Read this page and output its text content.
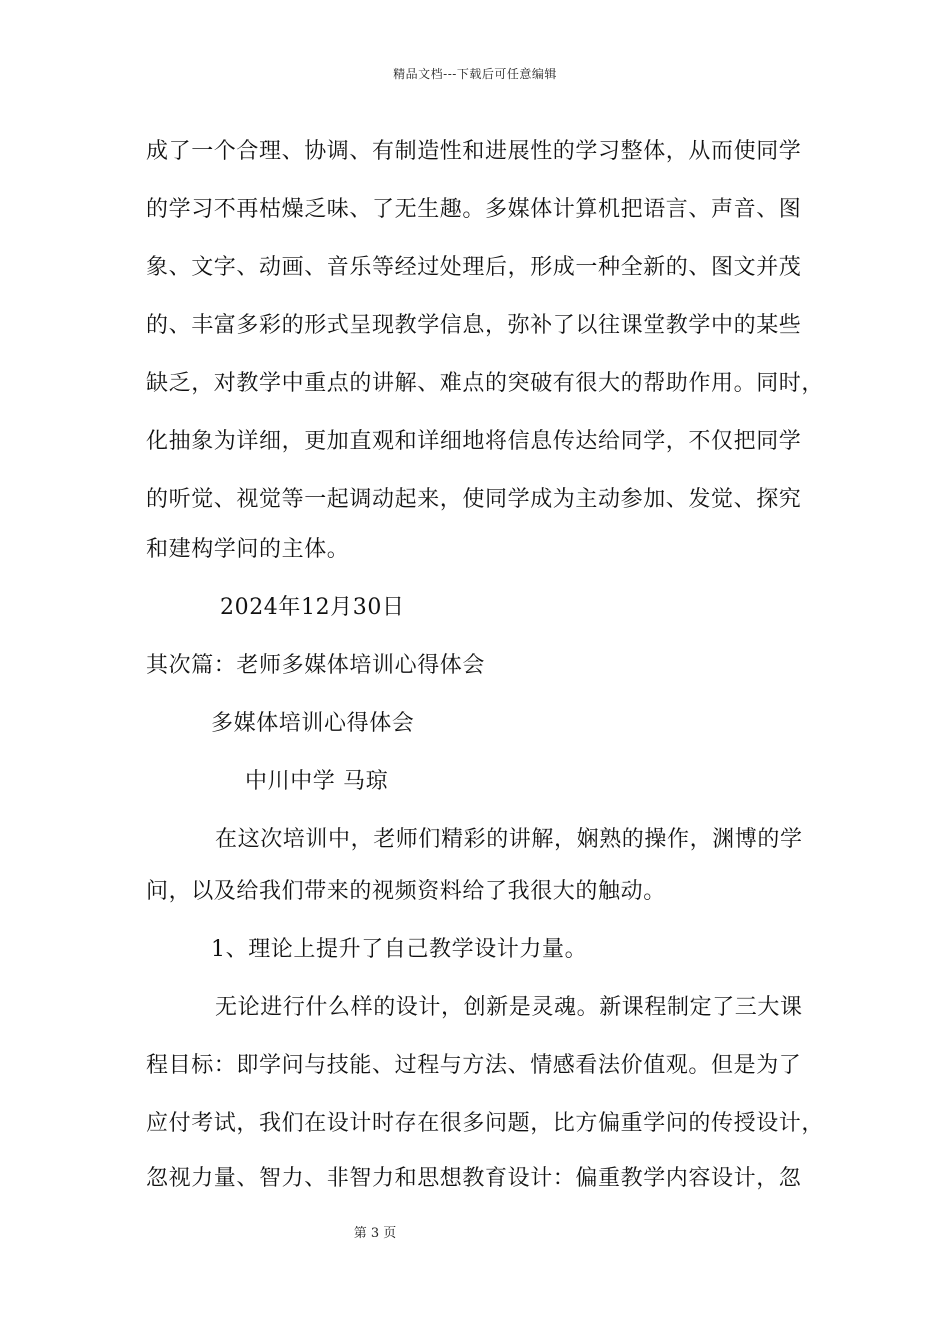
精品文档---下载后可任意编辑
成了一个合理、协调、有制造性和进展性的学习整体，从而使同学
的学习不再枯燥乏味、了无生趣。多媒体计算机把语言、声音、图
象、文字、动画、音乐等经过处理后，形成一种全新的、图文并茂
的、丰富多彩的形式呈现教学信息，弥补了以往课堂教学中的某些
缺乏，对教学中重点的讲解、难点的突破有很大的帮助作用。同时，
化抽象为详细，更加直观和详细地将信息传达给同学，不仅把同学
的听觉、视觉等一起调动起来，使同学成为主动参加、发觉、探究
和建构学问的主体。
2024年12月30日
其次篇：老师多媒体培训心得体会
多媒体培训心得体会
中川中学 马琼
在这次培训中，老师们精彩的讲解，娴熟的操作，渊博的学
问，以及给我们带来的视频资料给了我很大的触动。
1、理论上提升了自己教学设计力量。
无论进行什么样的设计，创新是灵魂。新课程制定了三大课
程目标：即学问与技能、过程与方法、情感看法价值观。但是为了
应付考试，我们在设计时存在很多问题，比方偏重学问的传授设计，
忽视力量、智力、非智力和思想教育设计：偏重教学内容设计，忽
第 3 页
